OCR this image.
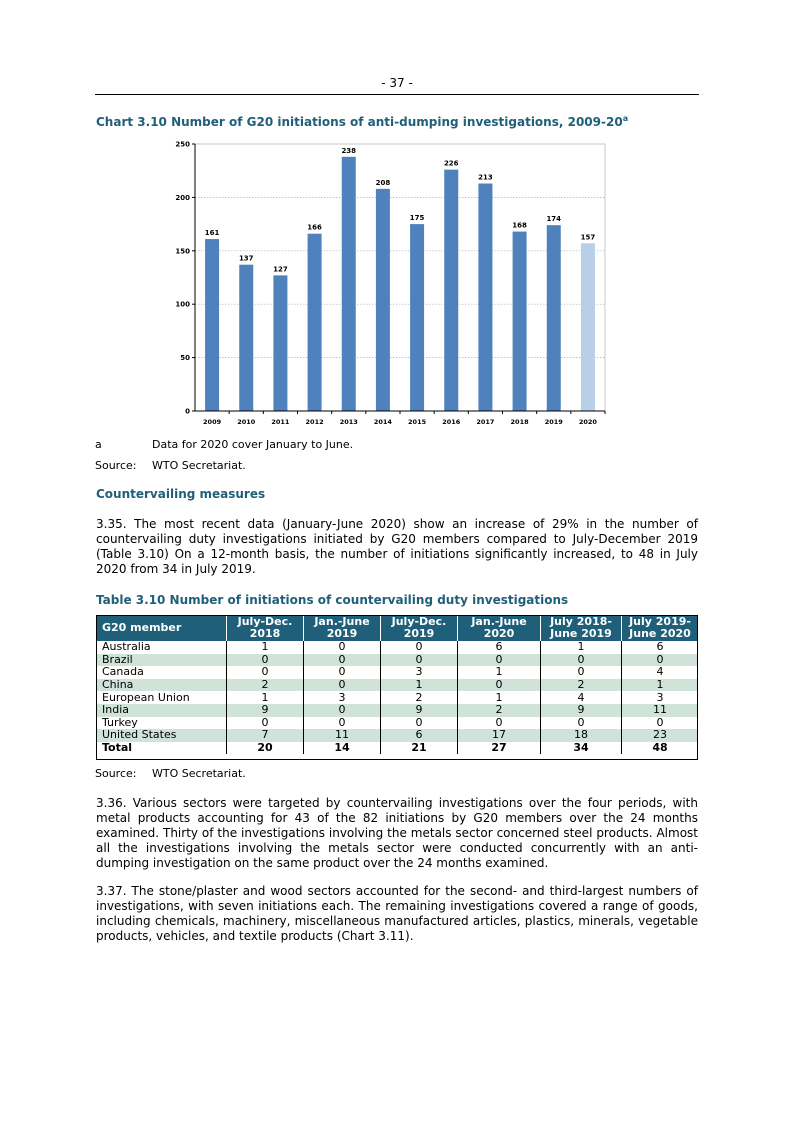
- 37 -
Chart 3.10 Number of G20 initiations of anti-dumping investigations, 2009-20$^a$
161
137
127
166
238
208
175
226
213
168
174
157
0
50
100
150
200
250
2009 2010 2011 2012 2013 2014 2015 2016 2017 2018 2019 2020
a	Data for 2020 cover January to June.
Source: WTO Secretariat.
Countervailing measures
3.35. The most recent data (January-June 2020) show an increase of 29% in the number of countervailing duty investigations initiated by G20 members compared to July-December 2019 (Table 3.10) On a 12-month basis, the number of initiations significantly increased, to 48 in July 2020 from 34 in July 2019.
Table 3.10 Number of initiations of countervailing duty investigations
G20 member	July-Dec. 2018	Jan.-June 2019	July-Dec. 2019	Jan.-June 2020	July 2018- June 2019	July 2019- June 2020
Australia	1	0	0	6	1	6
Brazil	0	0	0	0	0	0
Canada	0	0	3	1	0	4
China	2	0	1	0	2	1
European Union	1	3	2	1	4	3
India	9	0	9	2	9	11
Turkey	0	0	0	0	0	0
United States	7	11	6	17	18	23
Total	20	14	21	27	34	48
Source: WTO Secretariat.
3.36. Various sectors were targeted by countervailing investigations over the four periods, with metal products accounting for 43 of the 82 initiations by G20 members over the 24 months examined. Thirty of the investigations involving the metals sector concerned steel products. Almost all the investigations involving the metals sector were conducted concurrently with an anti-dumping investigation on the same product over the 24 months examined.
3.37. The stone/plaster and wood sectors accounted for the second- and third-largest numbers of investigations, with seven initiations each. The remaining investigations covered a range of goods, including chemicals, machinery, miscellaneous manufactured articles, plastics, minerals, vegetable products, vehicles, and textile products (Chart 3.11).
